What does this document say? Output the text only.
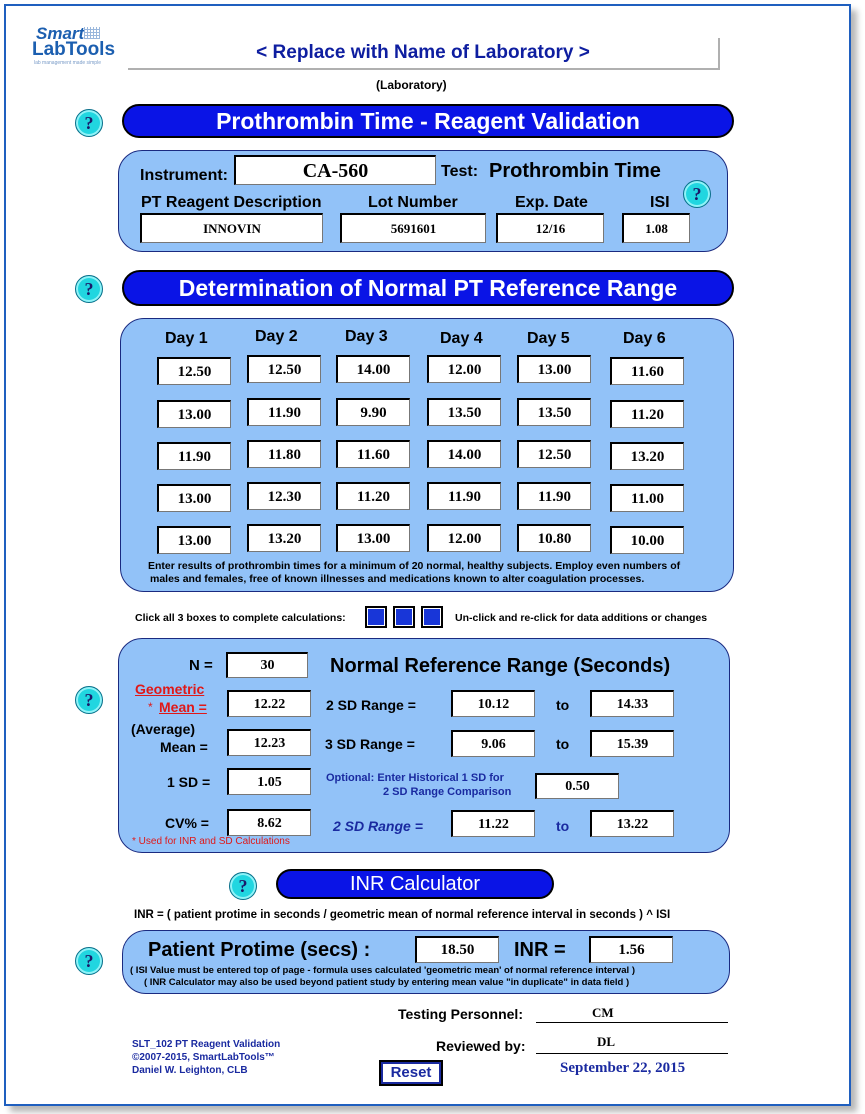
Smart
LabTools
lab management made simple	< Replace with Name of Laboratory >
(Laboratory)
?	Prothrombin Time - Reagent Validation
Instrument:	CA-560	Test: Prothrombin Time
?
PT Reagent Description	Lot Number	Exp. Date	ISI
INNOVIN	5691601	12/16	1.08
?	Determination of Normal PT Reference Range
Day 1	Day 2	Day 3	Day 4	Day 5	Day 6
12.50	12.50	14.00	12.00	13.00	11.60
13.00	11.90	9.90	13.50	13.50	11.20
11.90	11.80	11.60	14.00	12.50	13.20
13.00	12.30	11.20	11.90	11.90	11.00
13.00	13.20	13.00	12.00	10.80	10.00
Enter results of prothrombin times for a minimum of 20 normal, healthy subjects. Employ even numbers of
males and females, free of known illnesses and medications known to alter coagulation processes.
Click all 3 boxes to complete calculations:	Un-click and re-click for data additions or changes
?
N =	30	Normal Reference Range (Seconds)
Geometric
* Mean =	12.22
(Average)
Mean =	12.23
1 SD =	1.05
CV% =	8.62
* Used for INR and SD Calculations
2 SD Range =	10.12	to	14.33
3 SD Range =	9.06	to	15.39
Optional: Enter Historical 1 SD for
2 SD Range Comparison	0.50
2 SD Range =	11.22	to	13.22
?	INR Calculator
INR = ( patient protime in seconds / geometric mean of normal reference interval in seconds ) ^ ISI
?	Patient Protime (secs) :	18.50	INR =	1.56
( ISI Value must be entered top of page - formula uses calculated 'geometric mean' of normal reference interval )
( INR Calculator may also be used beyond patient study by entering mean value "in duplicate" in data field )
Testing Personnel:	CM
Reviewed by:	DL
SLT_102 PT Reagent Validation
©2007-2015, SmartLabTools™
Daniel W. Leighton, CLB	Reset	September 22, 2015
